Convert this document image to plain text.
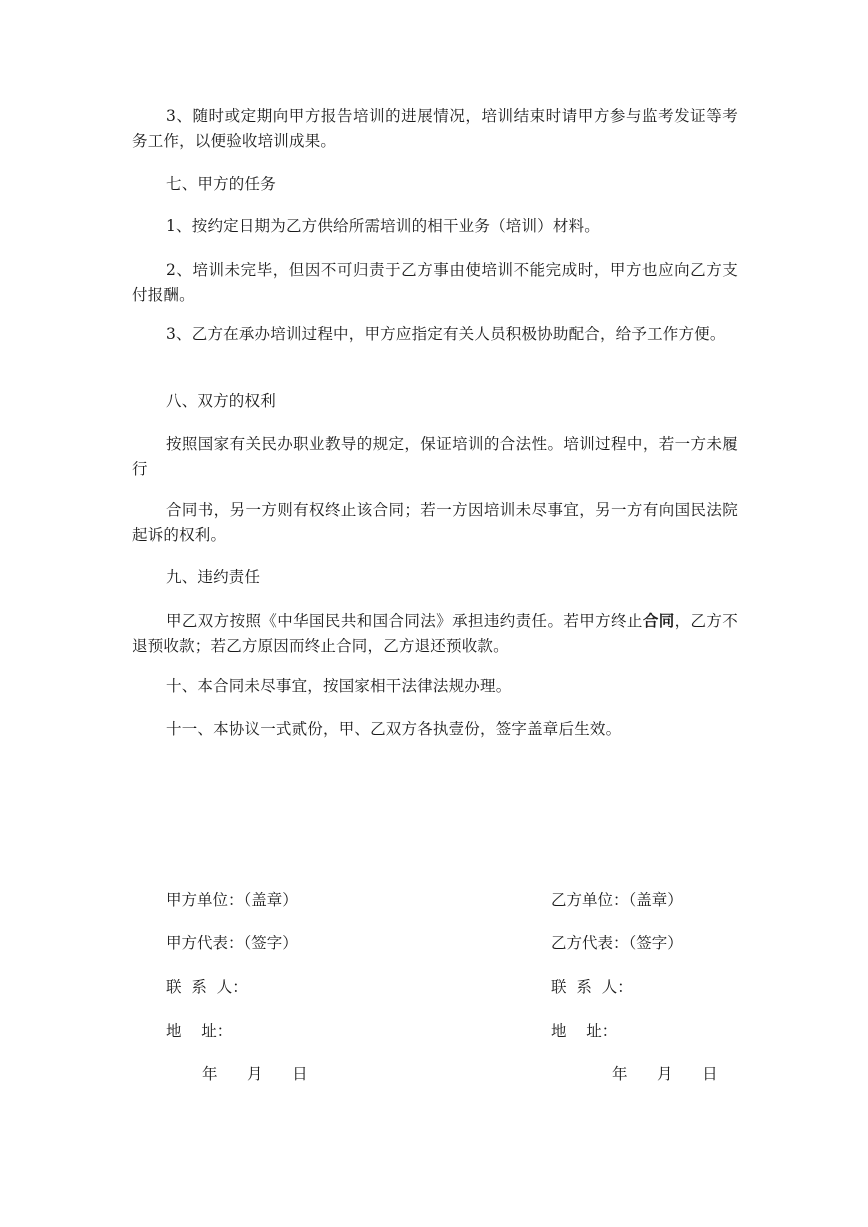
3、随时或定期向甲方报告培训的进展情况，培训结束时请甲方参与监考发证等考务工作，以便验收培训成果。

七、甲方的任务

1、按约定日期为乙方供给所需培训的相干业务（培训）材料。

2、培训未完毕，但因不可归责于乙方事由使培训不能完成时，甲方也应向乙方支付报酬。

3、乙方在承办培训过程中，甲方应指定有关人员积极协助配合，给予工作方便。

八、双方的权利

按照国家有关民办职业教导的规定，保证培训的合法性。培训过程中，若一方未履行

合同书，另一方则有权终止该合同；若一方因培训未尽事宜，另一方有向国民法院起诉的权利。

九、违约责任

甲乙双方按照《中华国民共和国合同法》承担违约责任。若甲方终止合同，乙方不退预收款；若乙方原因而终止合同，乙方退还预收款。

十、本合同未尽事宜，按国家相干法律法规办理。

十一、本协议一式贰份，甲、乙双方各执壹份，签字盖章后生效。

甲方单位：（盖章）

甲方代表：（签字）

联  系  人：

地    址：

年      月      日

乙方单位：（盖章）

乙方代表：（签字）

联  系  人：

地    址：

年      月      日
